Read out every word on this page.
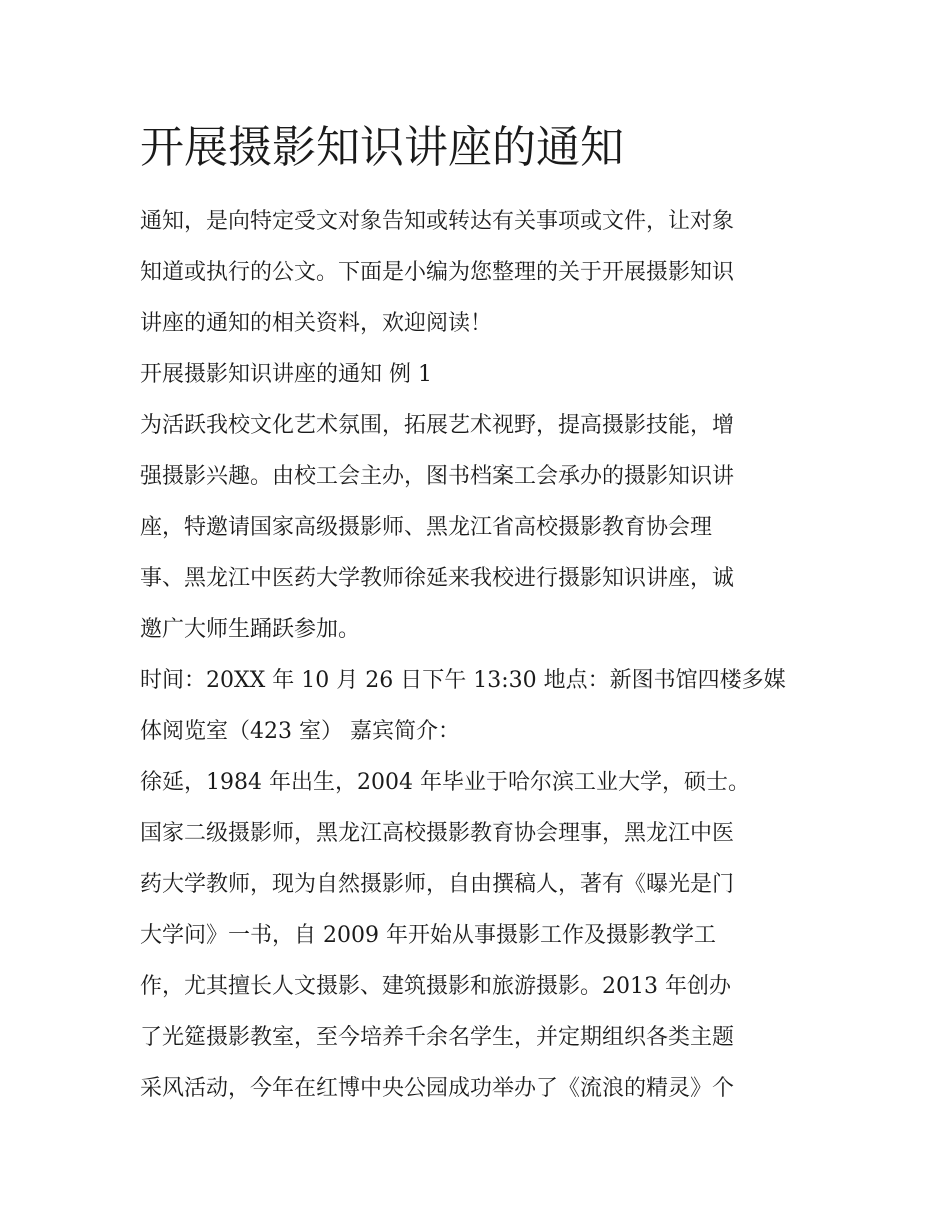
开展摄影知识讲座的通知
通知，是向特定受文对象告知或转达有关事项或文件，让对象
知道或执行的公文。下面是小编为您整理的关于开展摄影知识
讲座的通知的相关资料，欢迎阅读！
开展摄影知识讲座的通知 例 1
为活跃我校文化艺术氛围，拓展艺术视野，提高摄影技能，增
强摄影兴趣。由校工会主办，图书档案工会承办的摄影知识讲
座，特邀请国家高级摄影师、黑龙江省高校摄影教育协会理
事、黑龙江中医药大学教师徐延来我校进行摄影知识讲座，诚
邀广大师生踊跃参加。
时间：20XX 年 10 月 26 日下午 13:30 地点：新图书馆四楼多媒
体阅览室（423 室） 嘉宾简介：
徐延，1984 年出生，2004 年毕业于哈尔滨工业大学，硕士。
国家二级摄影师，黑龙江高校摄影教育协会理事，黑龙江中医
药大学教师，现为自然摄影师，自由撰稿人，著有《曝光是门
大学问》一书，自 2009 年开始从事摄影工作及摄影教学工
作，尤其擅长人文摄影、建筑摄影和旅游摄影。2013 年创办
了光筵摄影教室，至今培养千余名学生，并定期组织各类主题
采风活动，今年在红博中央公园成功举办了《流浪的精灵》个
